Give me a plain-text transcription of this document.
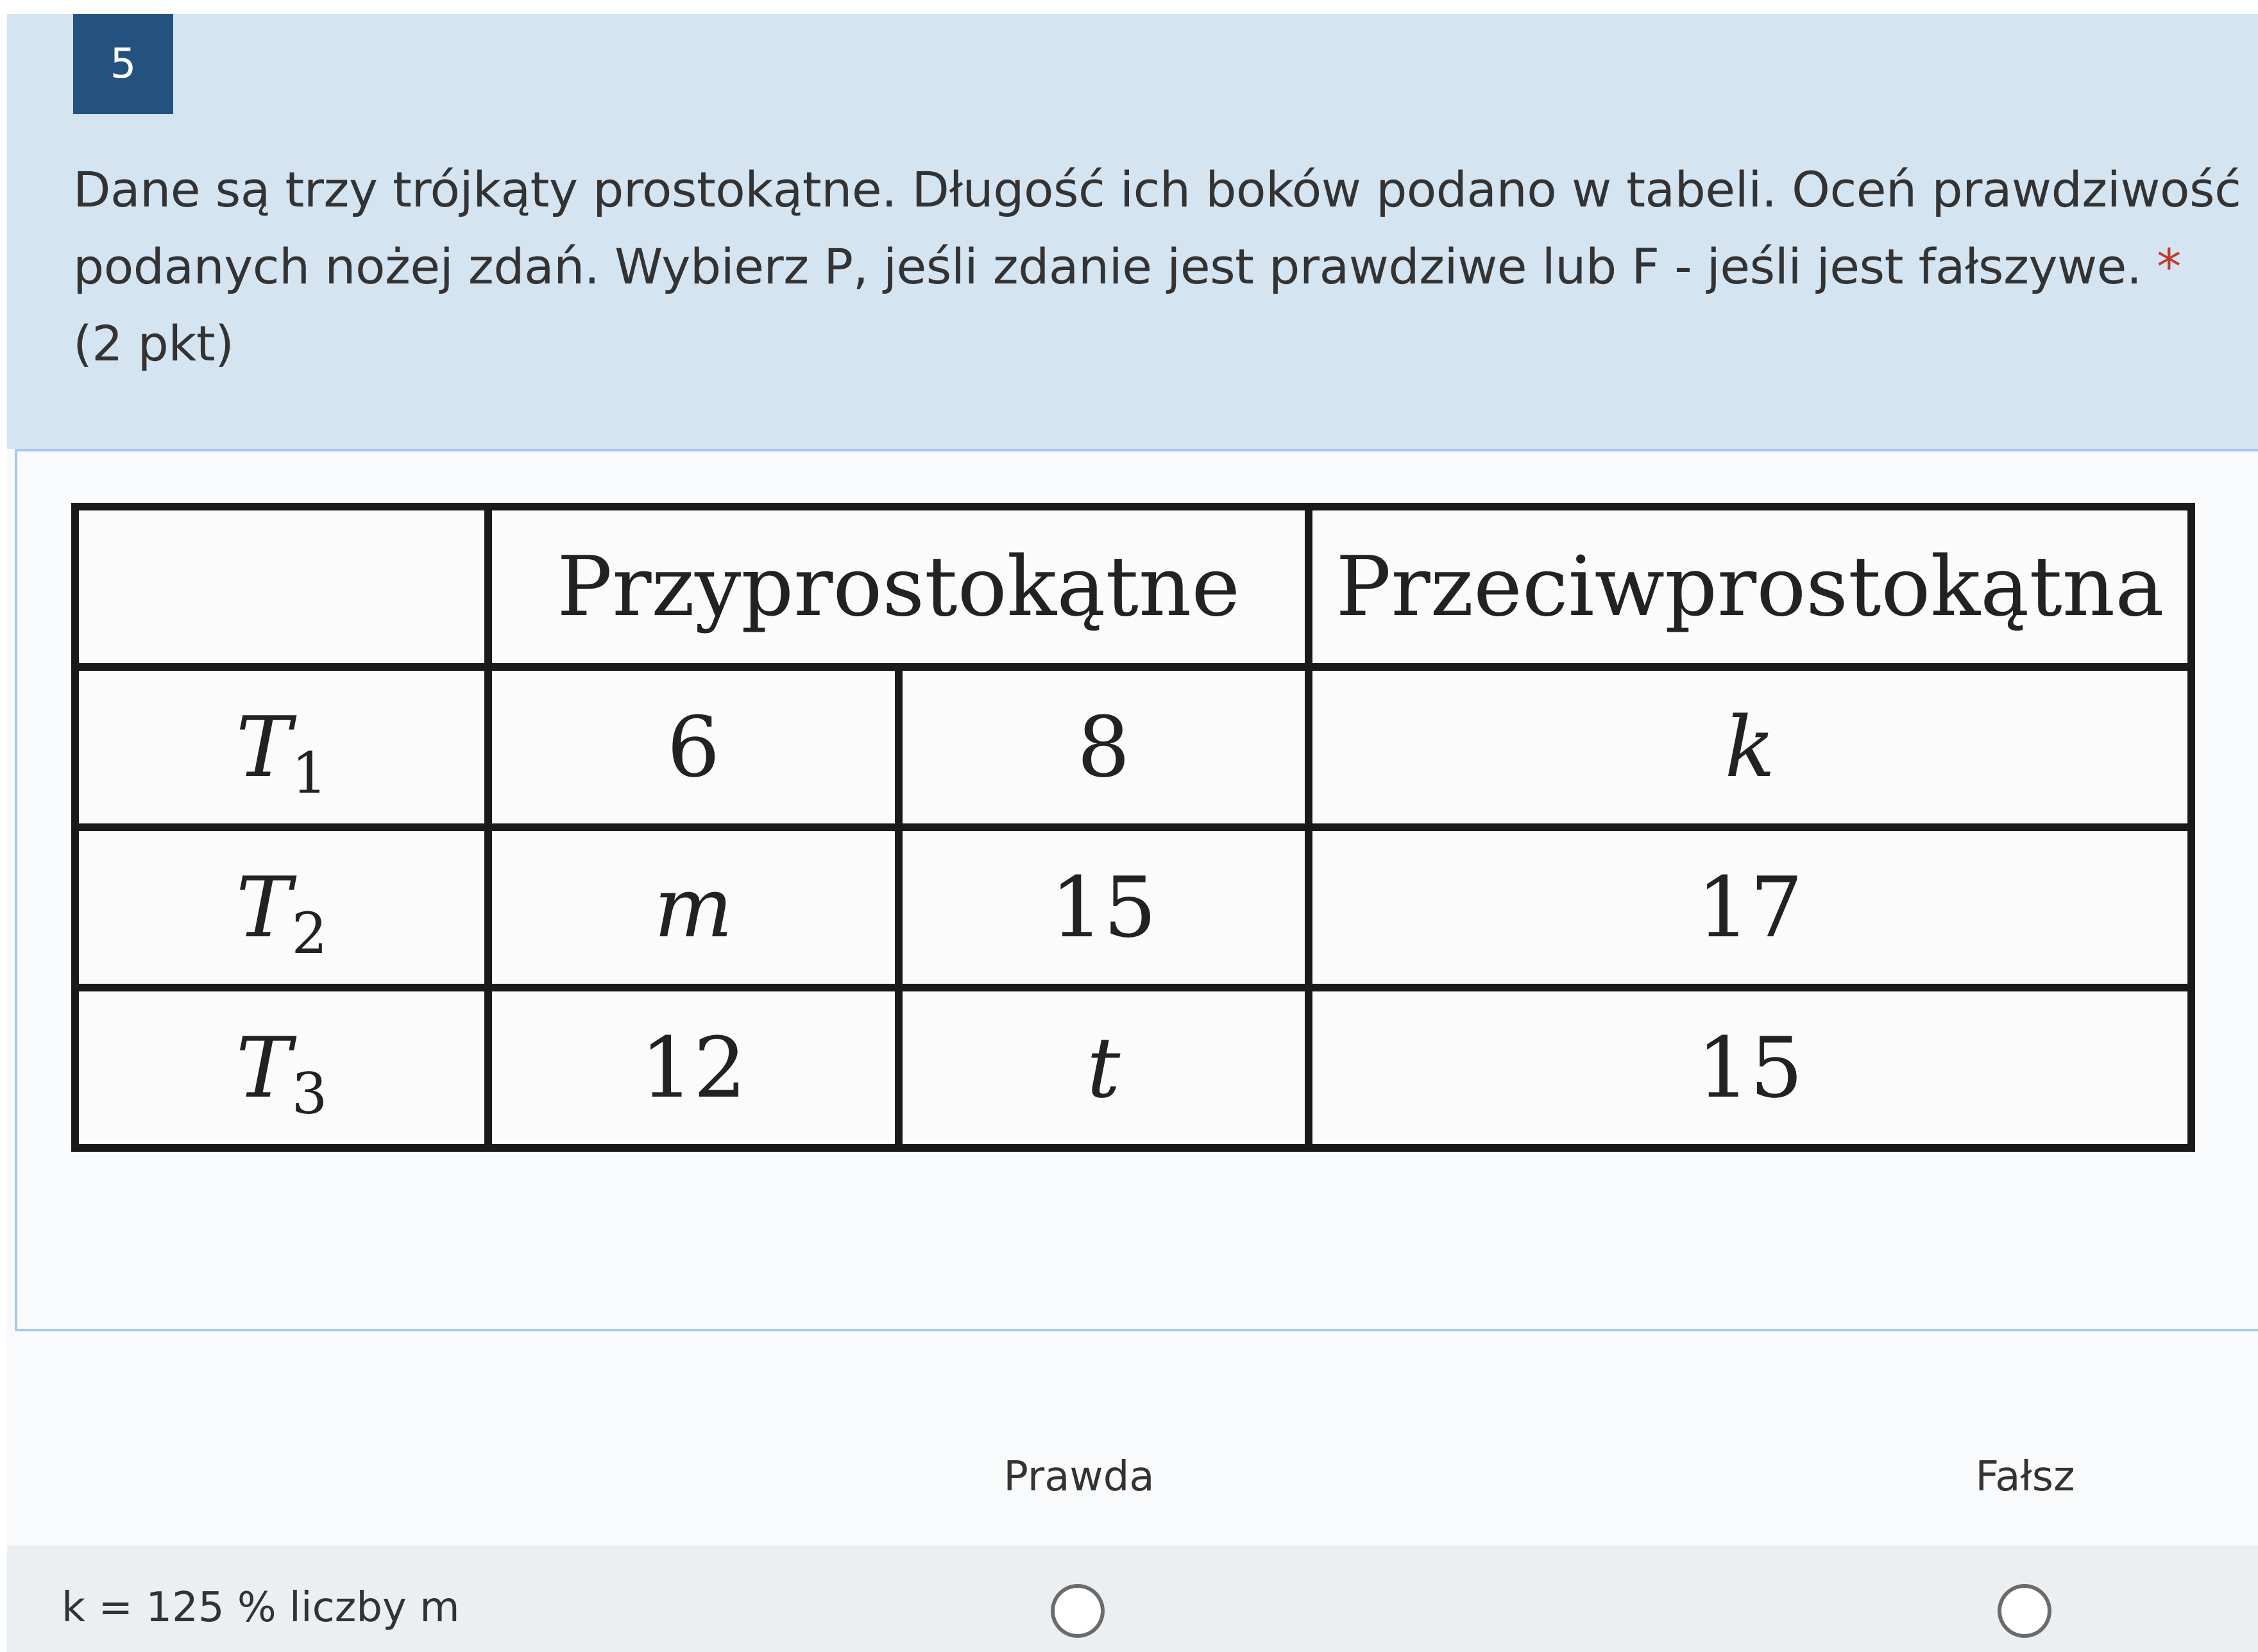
5
Dane są trzy trójkąty prostokątne. Długość ich boków podano w tabeli. Oceń prawdziwość
podanych nożej zdań. Wybierz P, jeśli zdanie jest prawdziwe lub F - jeśli jest fałszywe. *
(2 pkt)
	Przyprostokątne		Przeciwprostokątna
$T_1$	6	8	k
$T_2$	m	15	17
$T_3$	12	t	15
Prawda	Fałsz
k = 125 % liczby m
